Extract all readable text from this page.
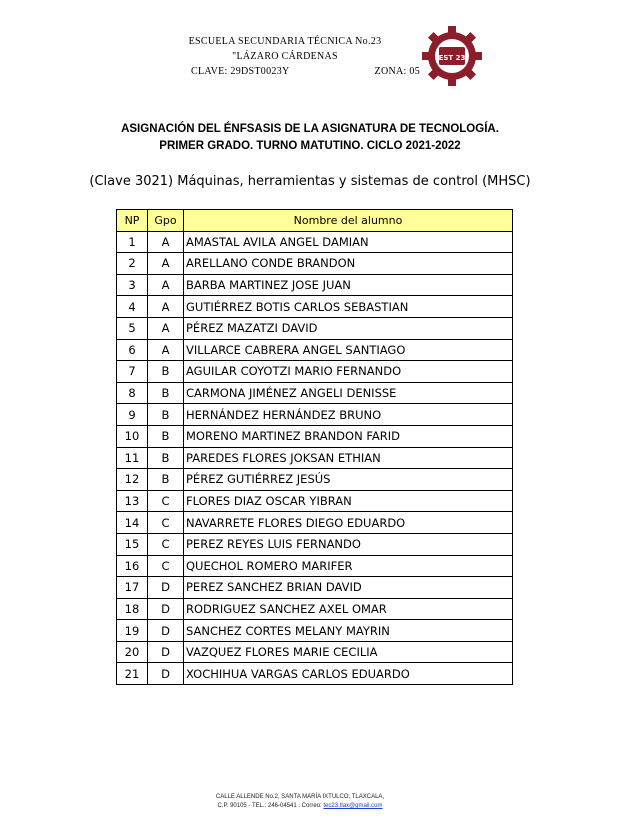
ESCUELA SECUNDARIA TÉCNICA No.23
"LÁZARO CÁRDENAS
CLAVE: 29DST0023Y	ZONA: 05
EST 23
ASIGNACIÓN DEL ÉNFSASIS DE LA ASIGNATURA DE TECNOLOGÍA.
PRIMER GRADO. TURNO MATUTINO. CICLO 2021-2022
(Clave 3021) Máquinas, herramientas y sistemas de control (MHSC)
NP	Gpo	Nombre del alumno
1	A	AMASTAL AVILA ANGEL DAMIAN
2	A	ARELLANO CONDE BRANDON
3	A	BARBA MARTINEZ JOSE JUAN
4	A	GUTIÉRREZ BOTIS CARLOS SEBASTIAN
5	A	PÉREZ MAZATZI DAVID
6	A	VILLARCE CABRERA ANGEL SANTIAGO
7	B	AGUILAR COYOTZI MARIO FERNANDO
8	B	CARMONA JIMÉNEZ ANGELI DENISSE
9	B	HERNÁNDEZ HERNÁNDEZ BRUNO
10	B	MORENO MARTINEZ BRANDON FARID
11	B	PAREDES FLORES JOKSAN ETHIAN
12	B	PÉREZ GUTIÉRREZ JESÚS
13	C	FLORES DIAZ OSCAR YIBRAN
14	C	NAVARRETE FLORES DIEGO EDUARDO
15	C	PEREZ REYES LUIS FERNANDO
16	C	QUECHOL ROMERO MARIFER
17	D	PEREZ SANCHEZ BRIAN DAVID
18	D	RODRIGUEZ SANCHEZ AXEL OMAR
19	D	SANCHEZ CORTES MELANY MAYRIN
20	D	VAZQUEZ FLORES MARIE CECILIA
21	D	XOCHIHUA VARGAS CARLOS EDUARDO
CALLE ALLENDE No.2, SANTA MARÍA IXTULCO, TLAXCALA,
C.P. 90105 - TEL.: 246-04541 . Correo: tec23.tlax@gmail.com
